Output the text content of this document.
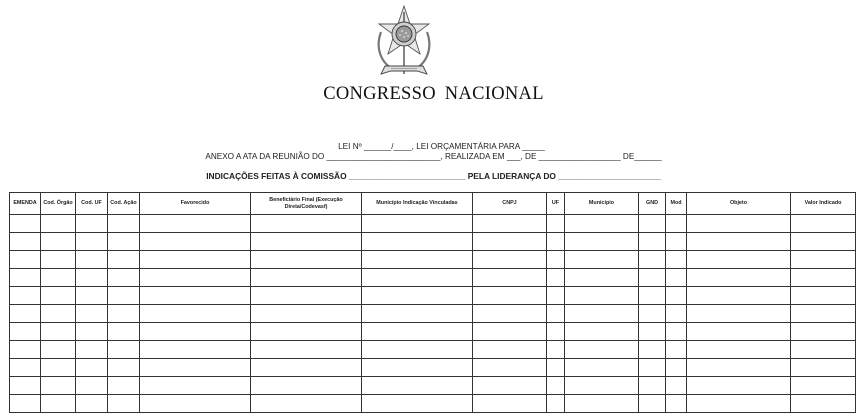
CONGRESSO NACIONAL
LEI Nº ______/____, LEI ORÇAMENTÁRIA PARA _____
ANEXO A ATA DA REUNIÃO DO _________________________, REALIZADA EM ___, DE __________________ DE______
INDICAÇÕES FEITAS À COMISSÃO _________________________ PELA LIDERANÇA DO ______________________
EMENDA	Cod. Órgão	Cod. UF	Cod. Ação	Favorecido	Beneficiário Final (Execução Direta/Codevasf)	Município Indicação Vinculadas	CNPJ	UF	Município	GND	Mod	Objeto	Valor Indicado
